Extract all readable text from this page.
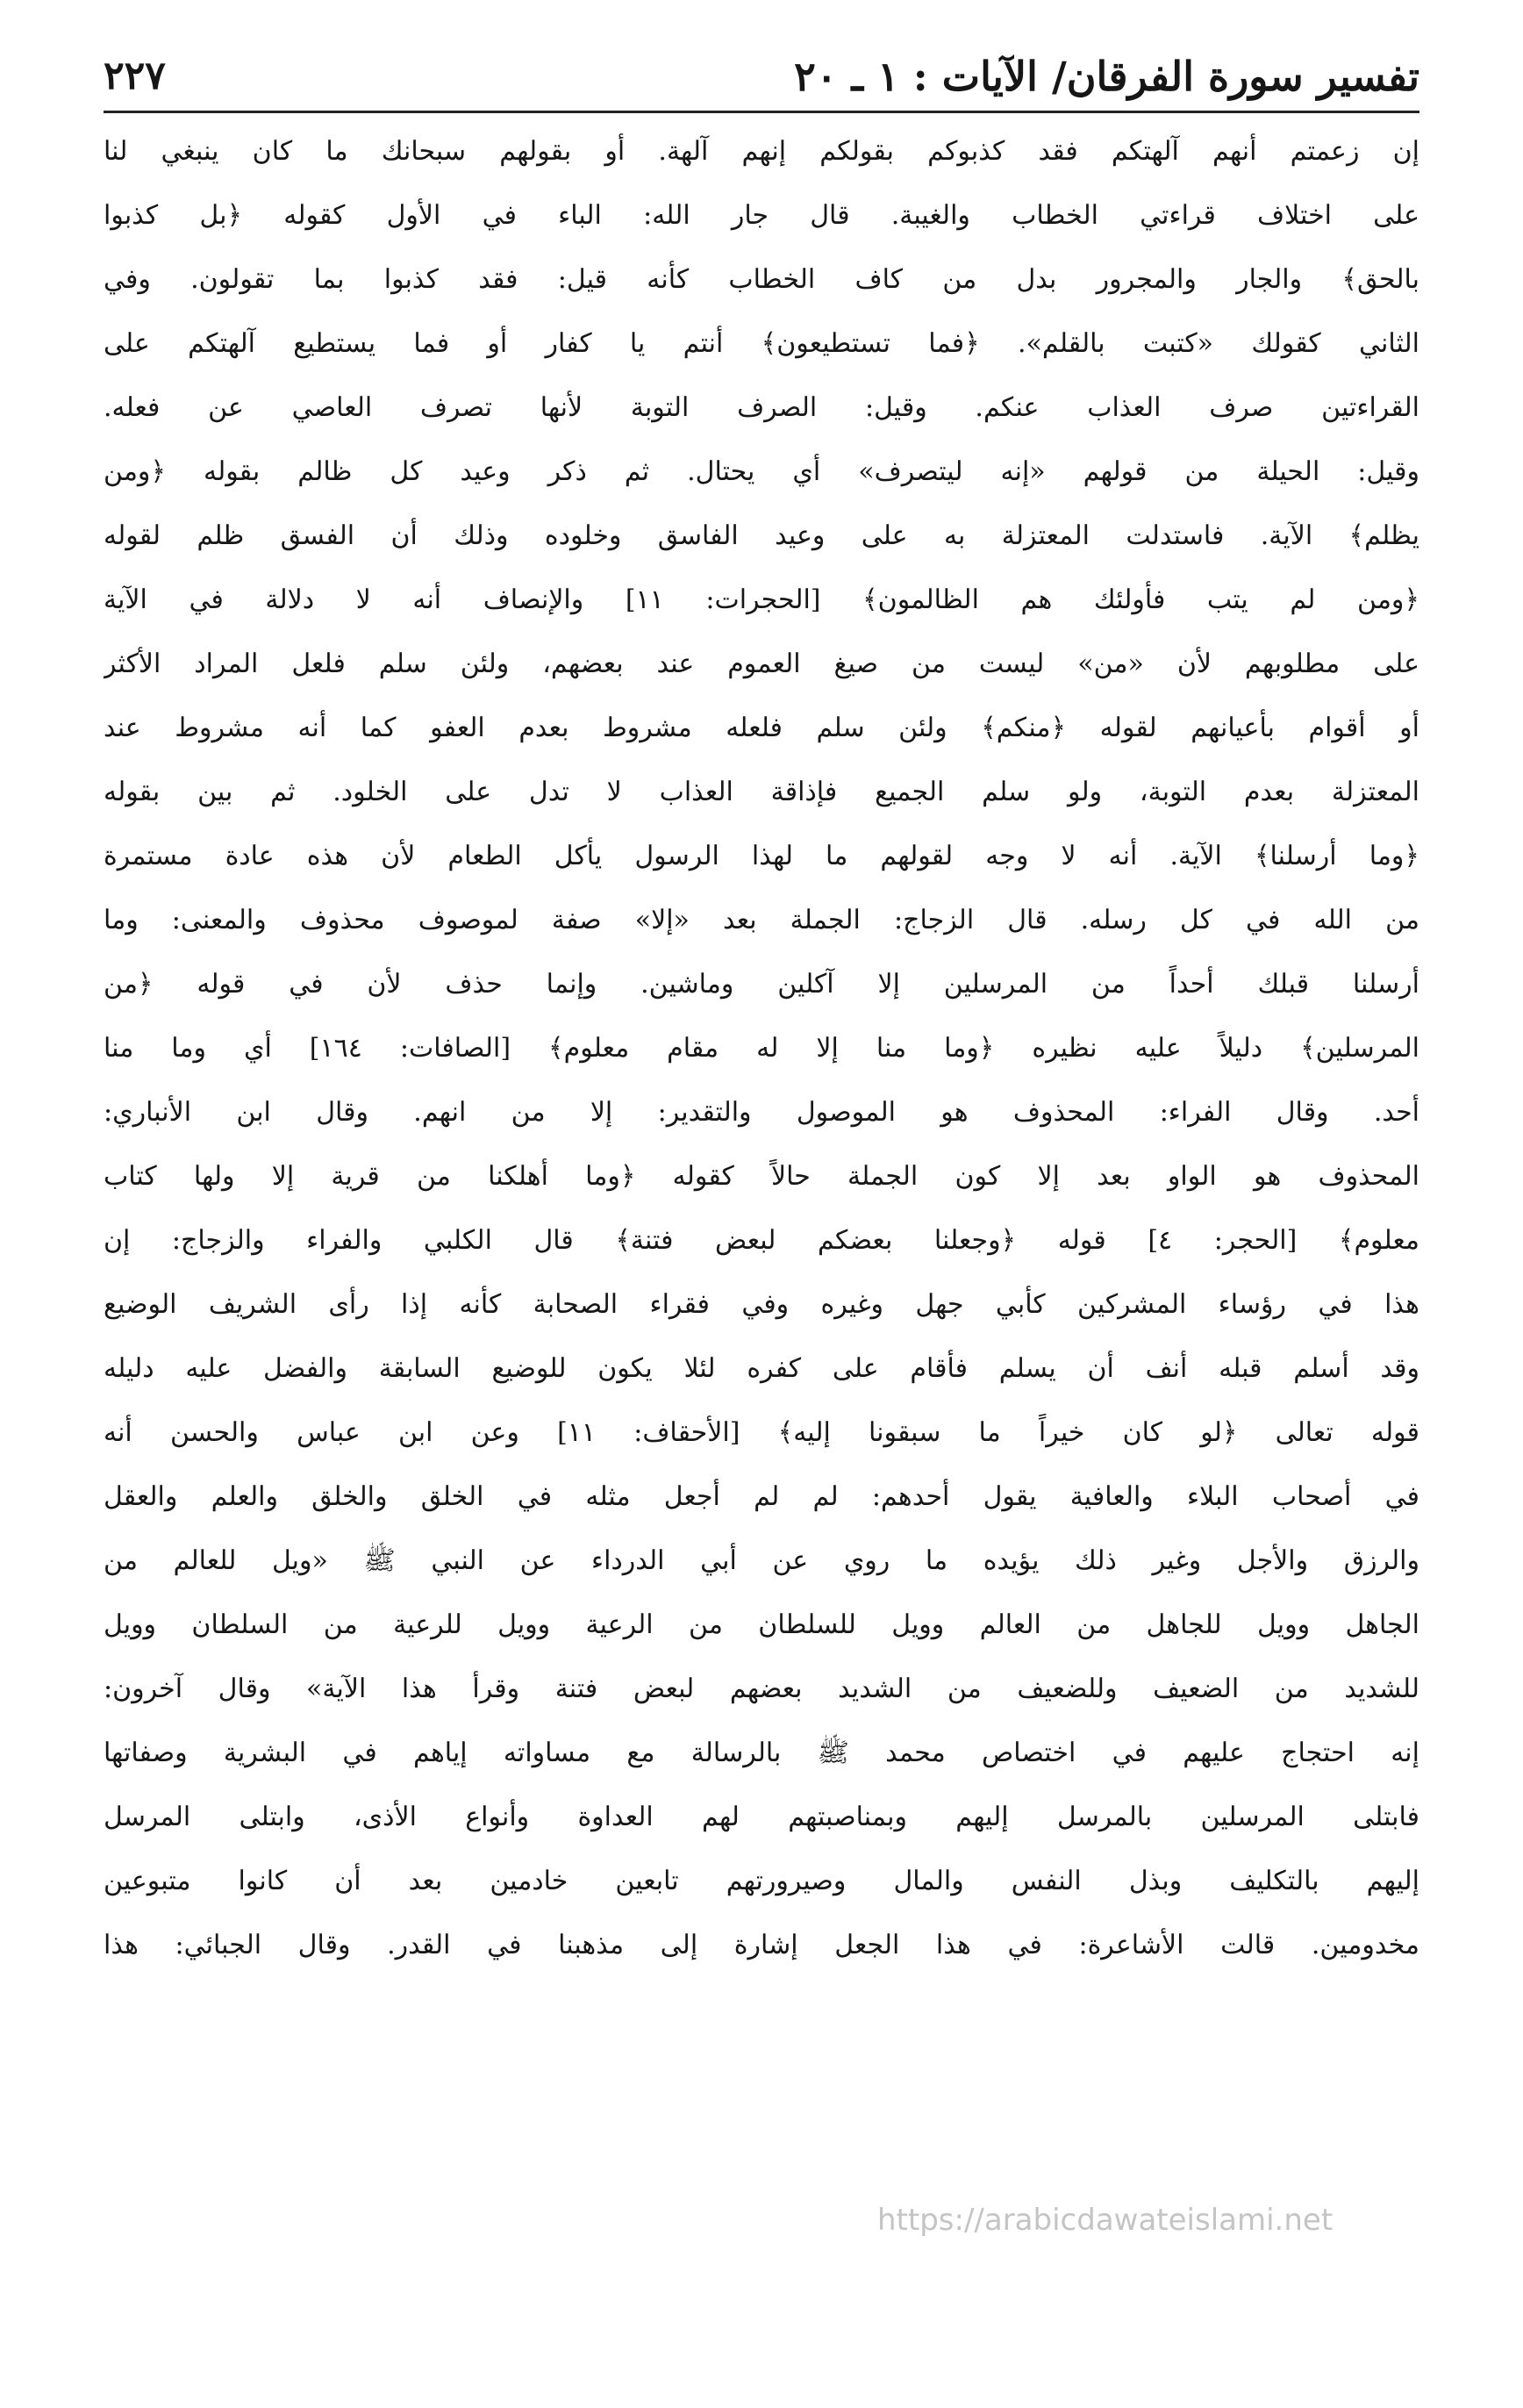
تفسير سورة الفرقان/ الآيات : ١ ـ ٢٠
٢٢٧
إن زعمتم أنهم آلهتكم فقد كذبوكم بقولكم إنهم آلهة. أو بقولهم سبحانك ما كان ينبغي لنا
على اختلاف قراءتي الخطاب والغيبة. قال جار الله: الباء في الأول كقوله ﴿بل كذبوا
بالحق﴾ والجار والمجرور بدل من كاف الخطاب كأنه قيل: فقد كذبوا بما تقولون. وفي
الثاني كقولك «كتبت بالقلم». ﴿فما تستطيعون﴾ أنتم يا كفار أو فما يستطيع آلهتكم على
القراءتين صرف العذاب عنكم. وقيل: الصرف التوبة لأنها تصرف العاصي عن فعله.
وقيل: الحيلة من قولهم «إنه ليتصرف» أي يحتال. ثم ذكر وعيد كل ظالم بقوله ﴿ومن
يظلم﴾ الآية. فاستدلت المعتزلة به على وعيد الفاسق وخلوده وذلك أن الفسق ظلم لقوله
﴿ومن لم يتب فأولئك هم الظالمون﴾ [الحجرات: ١١] والإنصاف أنه لا دلالة في الآية
على مطلوبهم لأن «من» ليست من صيغ العموم عند بعضهم، ولئن سلم فلعل المراد الأكثر
أو أقوام بأعيانهم لقوله ﴿منكم﴾ ولئن سلم فلعله مشروط بعدم العفو كما أنه مشروط عند
المعتزلة بعدم التوبة، ولو سلم الجميع فإذاقة العذاب لا تدل على الخلود. ثم بين بقوله
﴿وما أرسلنا﴾ الآية. أنه لا وجه لقولهم ما لهذا الرسول يأكل الطعام لأن هذه عادة مستمرة
من الله في كل رسله. قال الزجاج: الجملة بعد «إلا» صفة لموصوف محذوف والمعنى: وما
أرسلنا قبلك أحداً من المرسلين إلا آكلين وماشين. وإنما حذف لأن في قوله ﴿من
المرسلين﴾ دليلاً عليه نظيره ﴿وما منا إلا له مقام معلوم﴾ [الصافات: ١٦٤] أي وما منا
أحد. وقال الفراء: المحذوف هو الموصول والتقدير: إلا من انهم. وقال ابن الأنباري:
المحذوف هو الواو بعد إلا كون الجملة حالاً كقوله ﴿وما أهلكنا من قرية إلا ولها كتاب
معلوم﴾ [الحجر: ٤] قوله ﴿وجعلنا بعضكم لبعض فتنة﴾ قال الكلبي والفراء والزجاج: إن
هذا في رؤساء المشركين كأبي جهل وغيره وفي فقراء الصحابة كأنه إذا رأى الشريف الوضيع
وقد أسلم قبله أنف أن يسلم فأقام على كفره لئلا يكون للوضيع السابقة والفضل عليه دليله
قوله تعالى ﴿لو كان خيراً ما سبقونا إليه﴾ [الأحقاف: ١١] وعن ابن عباس والحسن أنه
في أصحاب البلاء والعافية يقول أحدهم: لم لم أجعل مثله في الخلق والخلق والعلم والعقل
والرزق والأجل وغير ذلك يؤيده ما روي عن أبي الدرداء عن النبي ﷺ «ويل للعالم من
الجاهل وويل للجاهل من العالم وويل للسلطان من الرعية وويل للرعية من السلطان وويل
للشديد من الضعيف وللضعيف من الشديد بعضهم لبعض فتنة وقرأ هذا الآية» وقال آخرون:
إنه احتجاج عليهم في اختصاص محمد ﷺ بالرسالة مع مساواته إياهم في البشرية وصفاتها
فابتلى المرسلين بالمرسل إليهم وبمناصبتهم لهم العداوة وأنواع الأذى، وابتلى المرسل
إليهم بالتكليف وبذل النفس والمال وصيرورتهم تابعين خادمين بعد أن كانوا متبوعين
مخدومين. قالت الأشاعرة: في هذا الجعل إشارة إلى مذهبنا في القدر. وقال الجبائي: هذا
https://arabicdawateislami.net
